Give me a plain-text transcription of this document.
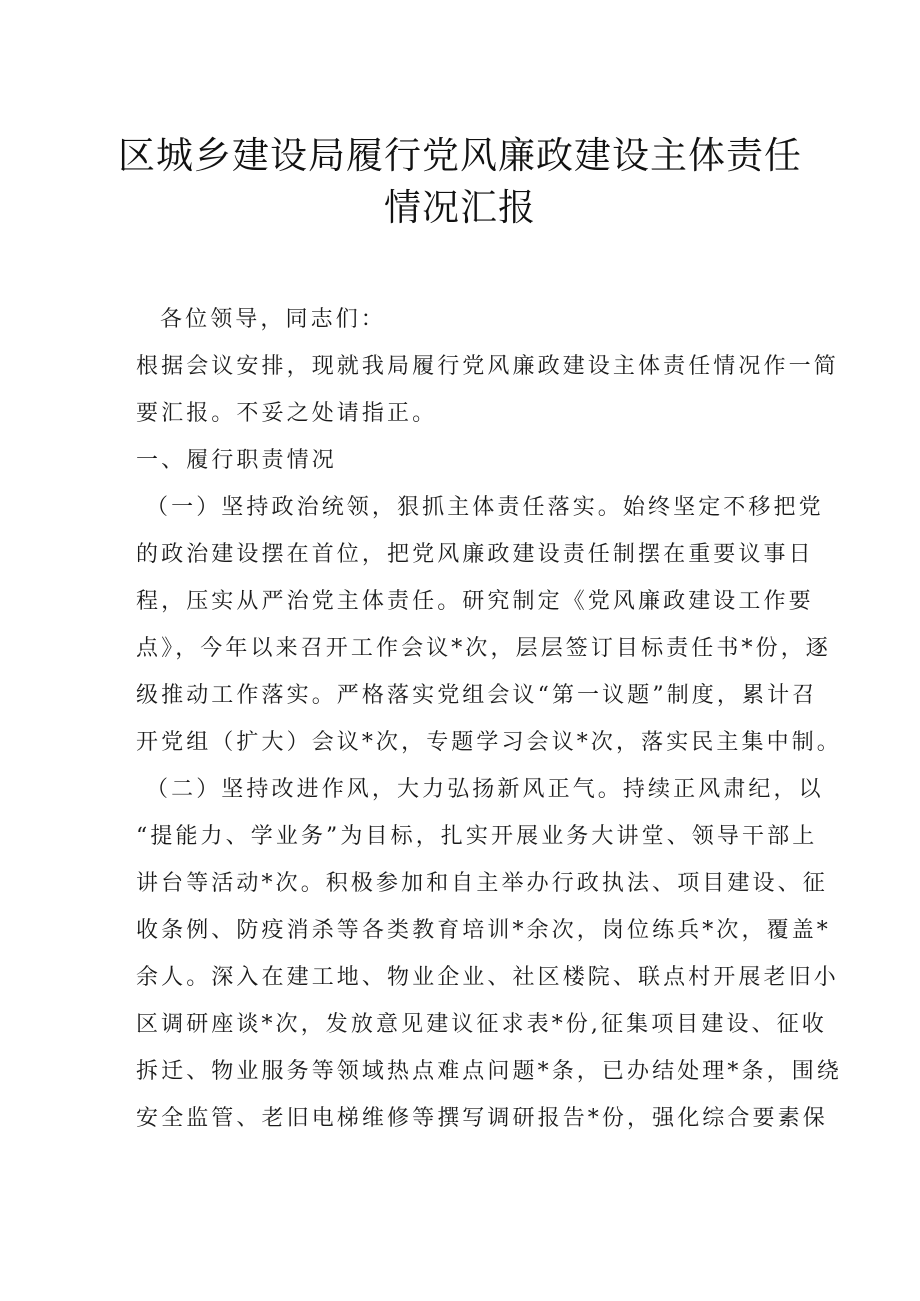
区城乡建设局履行党风廉政建设主体责任
情况汇报
各位领导，同志们：
根据会议安排，现就我局履行党风廉政建设主体责任情况作一简
要汇报。不妥之处请指正。
一、履行职责情况
（一）坚持政治统领，狠抓主体责任落实。始终坚定不移把党
的政治建设摆在首位，把党风廉政建设责任制摆在重要议事日
程，压实从严治党主体责任。研究制定《党风廉政建设工作要
点》，今年以来召开工作会议*次，层层签订目标责任书*份，逐
级推动工作落实。严格落实党组会议“第一议题”制度，累计召
开党组（扩大）会议*次，专题学习会议*次，落实民主集中制。
（二）坚持改进作风，大力弘扬新风正气。持续正风肃纪，以
“提能力、学业务”为目标，扎实开展业务大讲堂、领导干部上
讲台等活动*次。积极参加和自主举办行政执法、项目建设、征
收条例、防疫消杀等各类教育培训*余次，岗位练兵*次，覆盖*
余人。深入在建工地、物业企业、社区楼院、联点村开展老旧小
区调研座谈*次，发放意见建议征求表*份,征集项目建设、征收
拆迁、物业服务等领域热点难点问题*条，已办结处理*条，围绕
安全监管、老旧电梯维修等撰写调研报告*份，强化综合要素保
